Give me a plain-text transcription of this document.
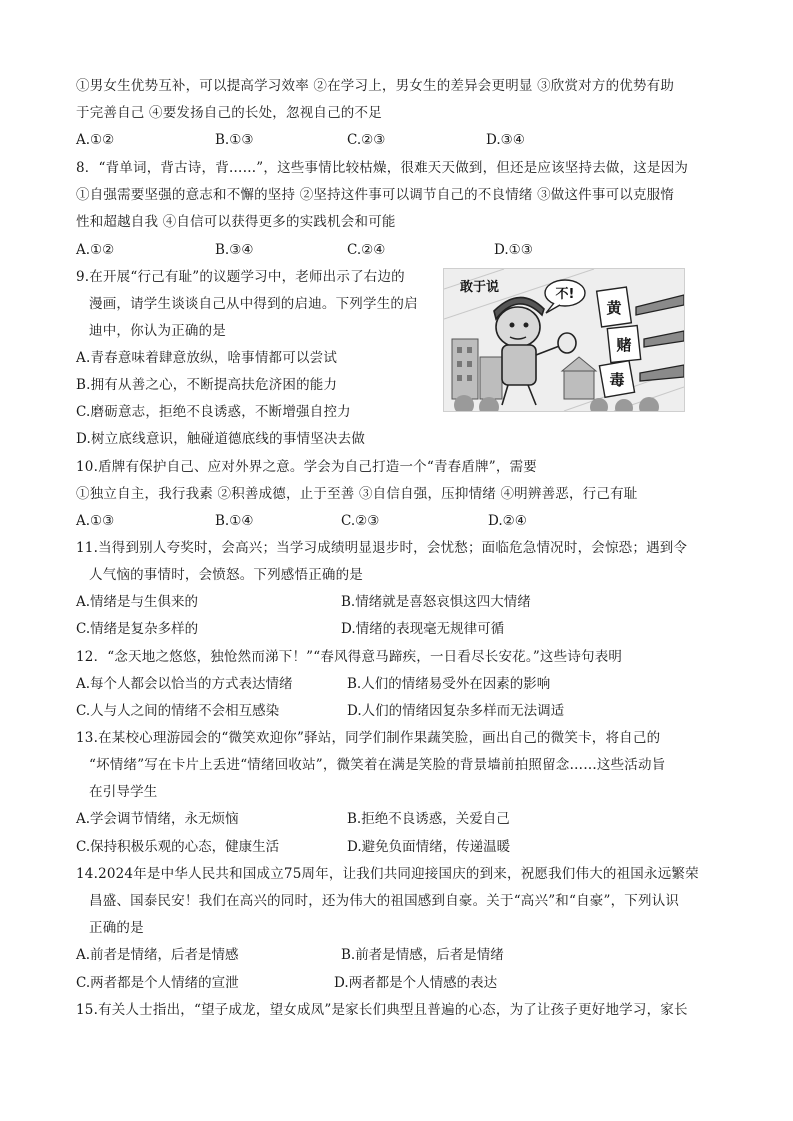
①男女生优势互补，可以提高学习效率 ②在学习上，男女生的差异会更明显 ③欣赏对方的优势有助
于完善自己 ④要发扬自己的长处，忽视自己的不足
A.①②	B.①③	C.②③	D.③④
8．“背单词，背古诗，背……”，这些事情比较枯燥，很难天天做到，但还是应该坚持去做，这是因为
①自强需要坚强的意志和不懈的坚持 ②坚持这件事可以调节自己的不良情绪 ③做这件事可以克服惰
性和超越自我 ④自信可以获得更多的实践机会和可能
A.①②	B.③④	C.②④	D.①③
9.在开展“行己有耻”的议题学习中，老师出示了右边的
漫画，请学生谈谈自己从中得到的启迪。下列学生的启
迪中，你认为正确的是
A.青春意味着肆意放纵，啥事情都可以尝试
B.拥有从善之心，不断提高扶危济困的能力
C.磨砺意志，拒绝不良诱惑，不断增强自控力
D.树立底线意识，触碰道德底线的事情坚决去做
不!
敢于说
黄
赌
毒
10.盾牌有保护自己、应对外界之意。学会为自己打造一个“青春盾牌”，需要
①独立自主，我行我素 ②积善成德，止于至善 ③自信自强，压抑情绪 ④明辨善恶，行己有耻
A.①③	B.①④	C.②③	D.②④
11.当得到别人夸奖时，会高兴；当学习成绩明显退步时，会忧愁；面临危急情况时，会惊恐；遇到令
人气恼的事情时，会愤怒。下列感悟正确的是
A.情绪是与生俱来的	B.情绪就是喜怒哀惧这四大情绪
C.情绪是复杂多样的	D.情绪的表现毫无规律可循
12．“念天地之悠悠，独怆然而涕下！”“春风得意马蹄疾，一日看尽长安花。”这些诗句表明
A.每个人都会以恰当的方式表达情绪	B.人们的情绪易受外在因素的影响
C.人与人之间的情绪不会相互感染	D.人们的情绪因复杂多样而无法调适
13.在某校心理游园会的“微笑欢迎你”驿站，同学们制作果蔬笑脸，画出自己的微笑卡，将自己的
“坏情绪”写在卡片上丢进“情绪回收站”，微笑着在满是笑脸的背景墙前拍照留念……这些活动旨
在引导学生
A.学会调节情绪，永无烦恼	B.拒绝不良诱惑，关爱自己
C.保持积极乐观的心态，健康生活	D.避免负面情绪，传递温暖
14.2024年是中华人民共和国成立75周年，让我们共同迎接国庆的到来，祝愿我们伟大的祖国永远繁荣
昌盛、国泰民安！我们在高兴的同时，还为伟大的祖国感到自豪。关于“高兴”和“自豪”，下列认识
正确的是
A.前者是情绪，后者是情感	B.前者是情感，后者是情绪
C.两者都是个人情绪的宣泄	D.两者都是个人情感的表达
15.有关人士指出，“望子成龙，望女成凤”是家长们典型且普遍的心态，为了让孩子更好地学习，家长
